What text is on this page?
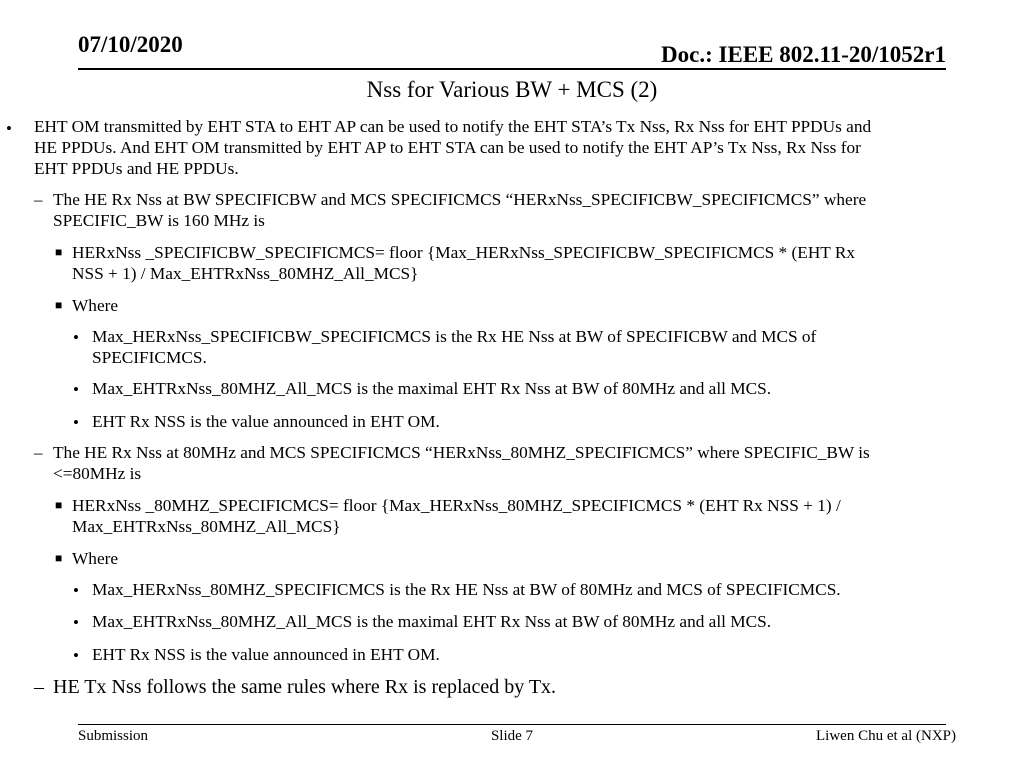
07/10/2020	Doc.: IEEE 802.11-20/1052r1
Nss for Various BW + MCS (2)
• EHT OM transmitted by EHT STA to EHT AP can be used to notify the EHT STA’s Tx Nss, Rx Nss for EHT PPDUs and
HE PPDUs. And EHT OM transmitted by EHT AP to EHT STA can be used to notify the EHT AP’s Tx Nss, Rx Nss for
EHT PPDUs and HE PPDUs.
– The HE Rx Nss at BW SPECIFICBW and MCS SPECIFICMCS “HERxNss_SPECIFICBW_SPECIFICMCS” where
SPECIFIC_BW is 160 MHz is
■ HERxNss _SPECIFICBW_SPECIFICMCS= floor {Max_HERxNss_SPECIFICBW_SPECIFICMCS * (EHT Rx
NSS + 1) / Max_EHTRxNss_80MHZ_All_MCS}
■ Where
• Max_HERxNss_SPECIFICBW_SPECIFICMCS is the Rx HE Nss at BW of SPECIFICBW and MCS of
SPECIFICMCS.
• Max_EHTRxNss_80MHZ_All_MCS is the maximal EHT Rx Nss at BW of 80MHz and all MCS.
• EHT Rx NSS is the value announced in EHT OM.
– The HE Rx Nss at 80MHz and MCS SPECIFICMCS “HERxNss_80MHZ_SPECIFICMCS” where SPECIFIC_BW is
<=80MHz is
■ HERxNss _80MHZ_SPECIFICMCS= floor {Max_HERxNss_80MHZ_SPECIFICMCS * (EHT Rx NSS + 1) /
Max_EHTRxNss_80MHZ_All_MCS}
■ Where
• Max_HERxNss_80MHZ_SPECIFICMCS is the Rx HE Nss at BW of 80MHz and MCS of SPECIFICMCS.
• Max_EHTRxNss_80MHZ_All_MCS is the maximal EHT Rx Nss at BW of 80MHz and all MCS.
• EHT Rx NSS is the value announced in EHT OM.
– HE Tx Nss follows the same rules where Rx is replaced by Tx.
Submission	Slide 7	Liwen Chu et al (NXP)
